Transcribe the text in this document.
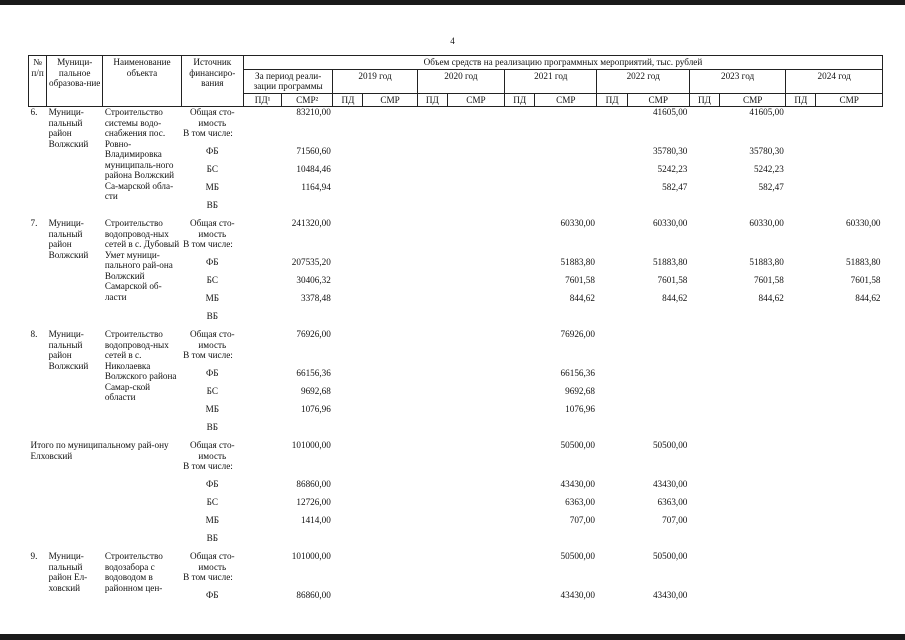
4
№ п/п	Муници-пальное образова-ние	Наименование объекта	Источник финансиро-вания	Объем средств на реализацию программных мероприятий, тыс. рублей													
				За период реали-зации программы		2019 год		2020 год		2021 год		2022 год		2023 год		2024 год	
				ПД¹	СМР²	ПД	СМР	ПД	СМР	ПД	СМР	ПД	СМР	ПД	СМР	ПД	СМР
6.	Муници-пальный район Волжский	Строительство системы водо-снабжения пос. Ровно-Владимировка муниципаль-ного района Волжский Са-марской обла-сти	Общая сто-имость		83210,00								41605,00		41605,00		
			В том числе:														
			ФБ		71560,60								35780,30		35780,30		
			БС		10484,46								5242,23		5242,23		
			МБ		1164,94								582,47		582,47		
			ВБ														
7.	Муници-пальный район Волжский	Строительство водопровод-ных сетей в с. Дубовый Умет муници-пального рай-она Волжский Самарской об-ласти	Общая сто-имость		241320,00						60330,00		60330,00		60330,00		60330,00
			В том числе:														
			ФБ		207535,20						51883,80		51883,80		51883,80		51883,80
			БС		30406,32						7601,58		7601,58		7601,58		7601,58
			МБ		3378,48						844,62		844,62		844,62		844,62
			ВБ														
8.	Муници-пальный район Волжский	Строительство водопровод-ных сетей в с. Николаевка Волжского района Самар-ской области	Общая сто-имость		76926,00						76926,00						
			В том числе:														
			ФБ		66156,36						66156,36						
			БС		9692,68						9692,68						
			МБ		1076,96						1076,96						
			ВБ														
Итого по муниципальному рай-ону Елховский			Общая сто-имость		101000,00						50500,00		50500,00				
			В том числе:														
			ФБ		86860,00						43430,00		43430,00				
			БС		12726,00						6363,00		6363,00				
			МБ		1414,00						707,00		707,00				
			ВБ														
9.	Муници-пальный район Ел-ховский	Строительство водозабора с водоводом в районном цен-	Общая сто-имость		101000,00						50500,00		50500,00				
			В том числе:														
			ФБ		86860,00						43430,00		43430,00				
